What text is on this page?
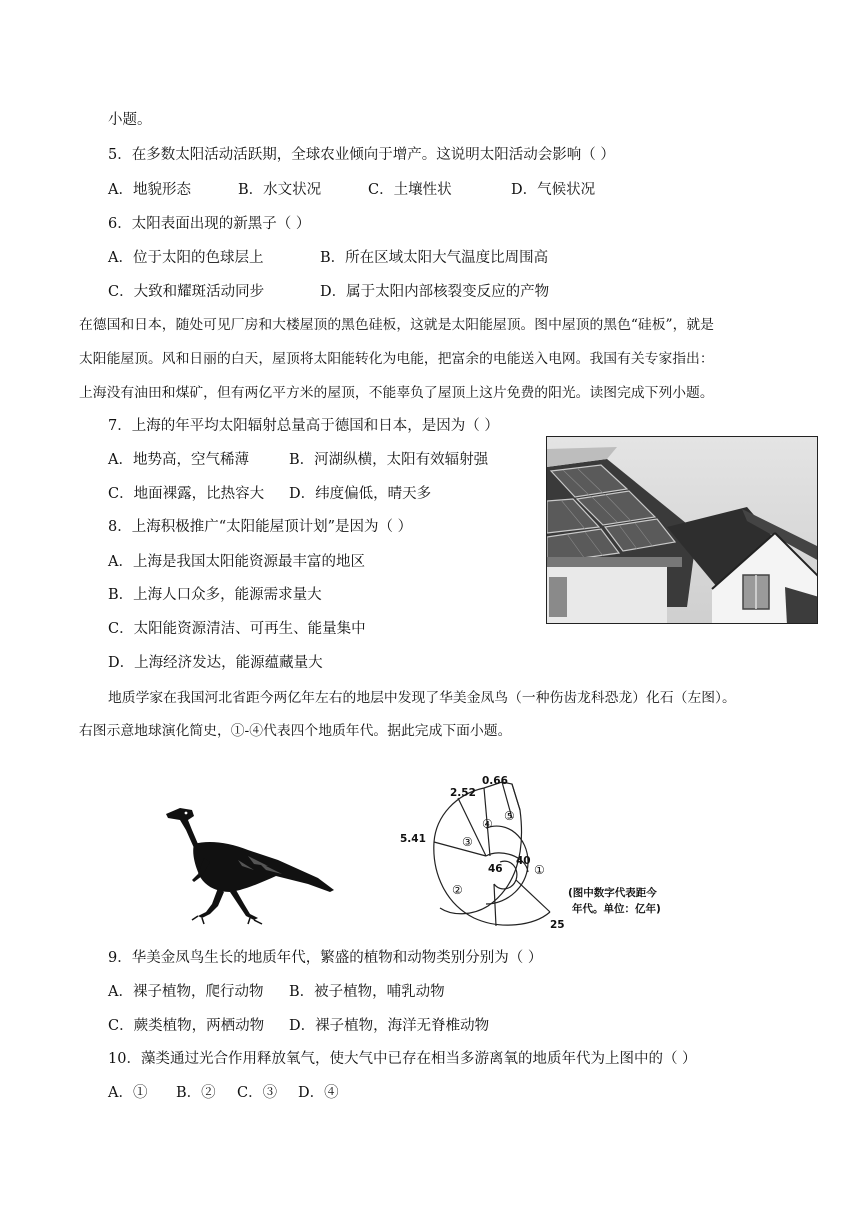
小题。
5．在多数太阳活动活跃期，全球农业倾向于增产。这说明太阳活动会影响（ ）
A．地貌形态	B．水文状况	C．土壤性状	D．气候状况
6．太阳表面出现的新黑子（ ）
A．位于太阳的色球层上	B．所在区域太阳大气温度比周围高
C．大致和耀斑活动同步	D．属于太阳内部核裂变反应的产物
在德国和日本，随处可见厂房和大楼屋顶的黑色硅板，这就是太阳能屋顶。图中屋顶的黑色“硅板”，就是
太阳能屋顶。风和日丽的白天，屋顶将太阳能转化为电能，把富余的电能送入电网。我国有关专家指出：
上海没有油田和煤矿，但有两亿平方米的屋顶，不能辜负了屋顶上这片免费的阳光。读图完成下列小题。
7．上海的年平均太阳辐射总量高于德国和日本，是因为（ ）
A．地势高，空气稀薄	B．河湖纵横，太阳有效辐射强
C．地面裸露，比热容大 D．纬度偏低，晴天多
8．上海积极推广“太阳能屋顶计划”是因为（ ）
A．上海是我国太阳能资源最丰富的地区
B．上海人口众多，能源需求量大
C．太阳能资源清洁、可再生、能量集中
D．上海经济发达，能源蕴藏量大
地质学家在我国河北省距今两亿年左右的地层中发现了华美金凤鸟（一种伤齿龙科恐龙）化石（左图）。
右图示意地球演化简史，①-④代表四个地质年代。据此完成下面小题。
5.41
2.52
0.66
46
40
25
①
②
③
④
⑤
(图中数字代表距今
年代。单位：亿年)
9．华美金凤鸟生长的地质年代，繁盛的植物和动物类别分别为（ ）
A．裸子植物，爬行动物 B．被子植物，哺乳动物
C．蕨类植物，两栖动物 D．裸子植物，海洋无脊椎动物
10．藻类通过光合作用释放氧气，使大气中已存在相当多游离氧的地质年代为上图中的（ ）
A．① B．② C．③ D．④
